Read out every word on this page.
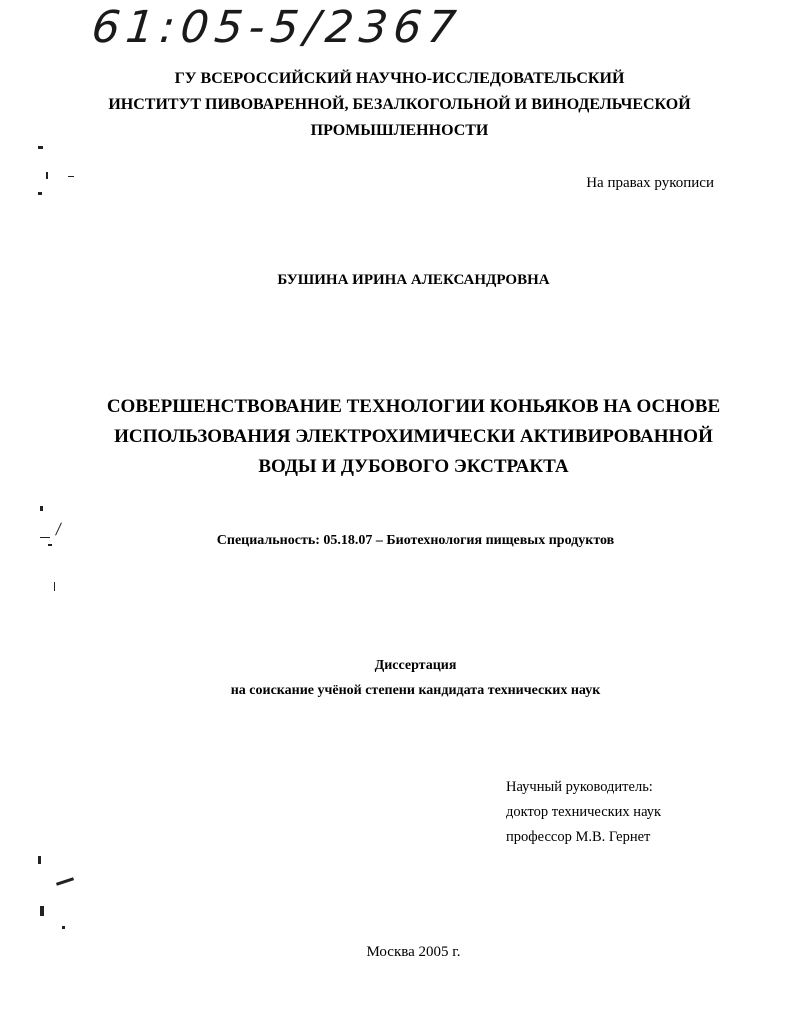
61:05-5/2367
ГУ ВСЕРОССИЙСКИЙ НАУЧНО-ИССЛЕДОВАТЕЛЬСКИЙ
ИНСТИТУТ ПИВОВАРЕННОЙ, БЕЗАЛКОГОЛЬНОЙ И ВИНОДЕЛЬЧЕСКОЙ
ПРОМЫШЛЕННОСТИ
На правах рукописи
БУШИНА ИРИНА АЛЕКСАНДРОВНА
СОВЕРШЕНСТВОВАНИЕ ТЕХНОЛОГИИ КОНЬЯКОВ НА ОСНОВЕ
ИСПОЛЬЗОВАНИЯ ЭЛЕКТРОХИМИЧЕСКИ АКТИВИРОВАННОЙ
ВОДЫ И ДУБОВОГО ЭКСТРАКТА
Специальность: 05.18.07 – Биотехнология пищевых продуктов
Диссертация
на соискание учёной степени кандидата технических наук
Научный руководитель:
доктор технических наук
профессор М.В. Гернет
Москва 2005 г.
